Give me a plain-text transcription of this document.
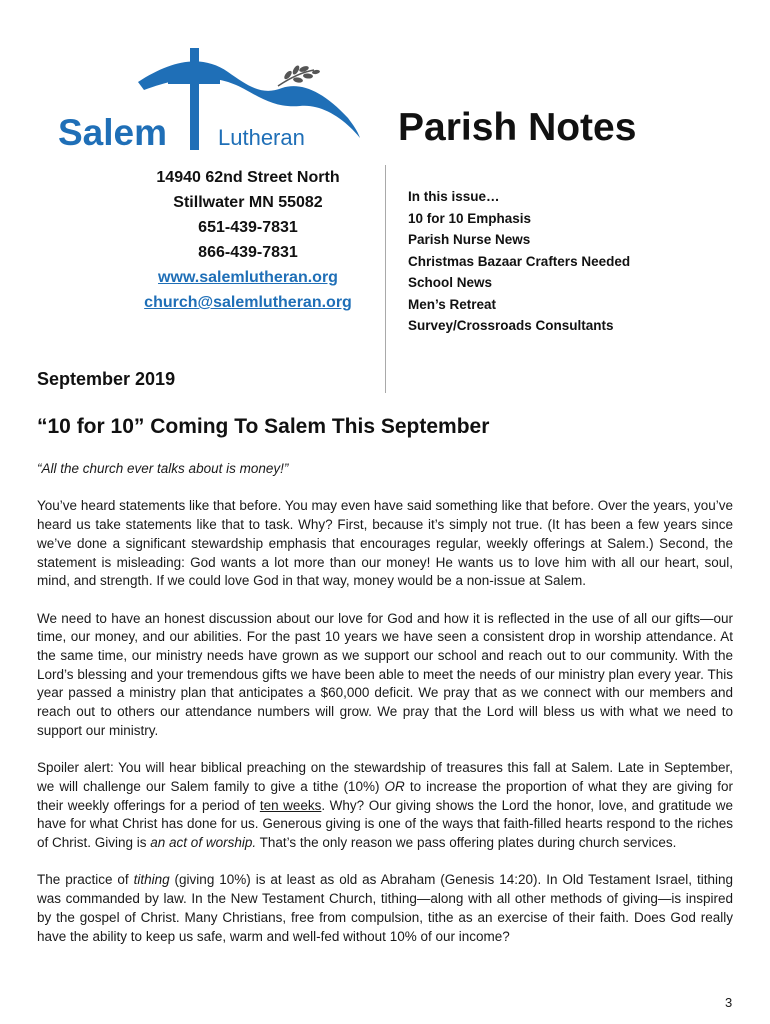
Salem Lutheran Parish Notes
14940 62nd Street North
Stillwater MN 55082
651-439-7831
866-439-7831
www.salemlutheran.org
church@salemlutheran.org
In this issue…
10 for 10 Emphasis
Parish Nurse News
Christmas Bazaar Crafters Needed
School News
Men’s Retreat
Survey/Crossroads Consultants
September 2019
“10 for 10” Coming To Salem This September

“All the church ever talks about is money!”

You’ve heard statements like that before. You may even have said something like that before. Over the years, you’ve heard us take statements like that to task. Why? First, because it’s simply not true. (It has been a few years since we’ve done a significant stewardship emphasis that encourages regular, weekly offerings at Salem.) Second, the statement is misleading: God wants a lot more than our money! He wants us to love him with all our heart, soul, mind, and strength. If we could love God in that way, money would be a non-issue at Salem.

We need to have an honest discussion about our love for God and how it is reflected in the use of all our gifts—our time, our money, and our abilities. For the past 10 years we have seen a consistent drop in worship attendance. At the same time, our ministry needs have grown as we support our school and reach out to our community. With the Lord’s blessing and your tremendous gifts we have been able to meet the needs of our ministry plan every year. This year passed a ministry plan that anticipates a $60,000 deficit. We pray that as we connect with our members and reach out to others our attendance numbers will grow. We pray that the Lord will bless us with what we need to support our ministry.

Spoiler alert: You will hear biblical preaching on the stewardship of treasures this fall at Salem. Late in September, we will challenge our Salem family to give a tithe (10%) OR to increase the proportion of what they are giving for their weekly offerings for a period of ten weeks. Why? Our giving shows the Lord the honor, love, and gratitude we have for what Christ has done for us. Generous giving is one of the ways that faith-filled hearts respond to the riches of Christ. Giving is an act of worship. That’s the only reason we pass offering plates during church services.

The practice of tithing (giving 10%) is at least as old as Abraham (Genesis 14:20). In Old Testament Israel, tithing was commanded by law. In the New Testament Church, tithing—along with all other methods of giving—is inspired by the gospel of Christ. Many Christians, free from compulsion, tithe as an exercise of their faith. Does God really have the ability to keep us safe, warm and well-fed without 10% of our income?

3
